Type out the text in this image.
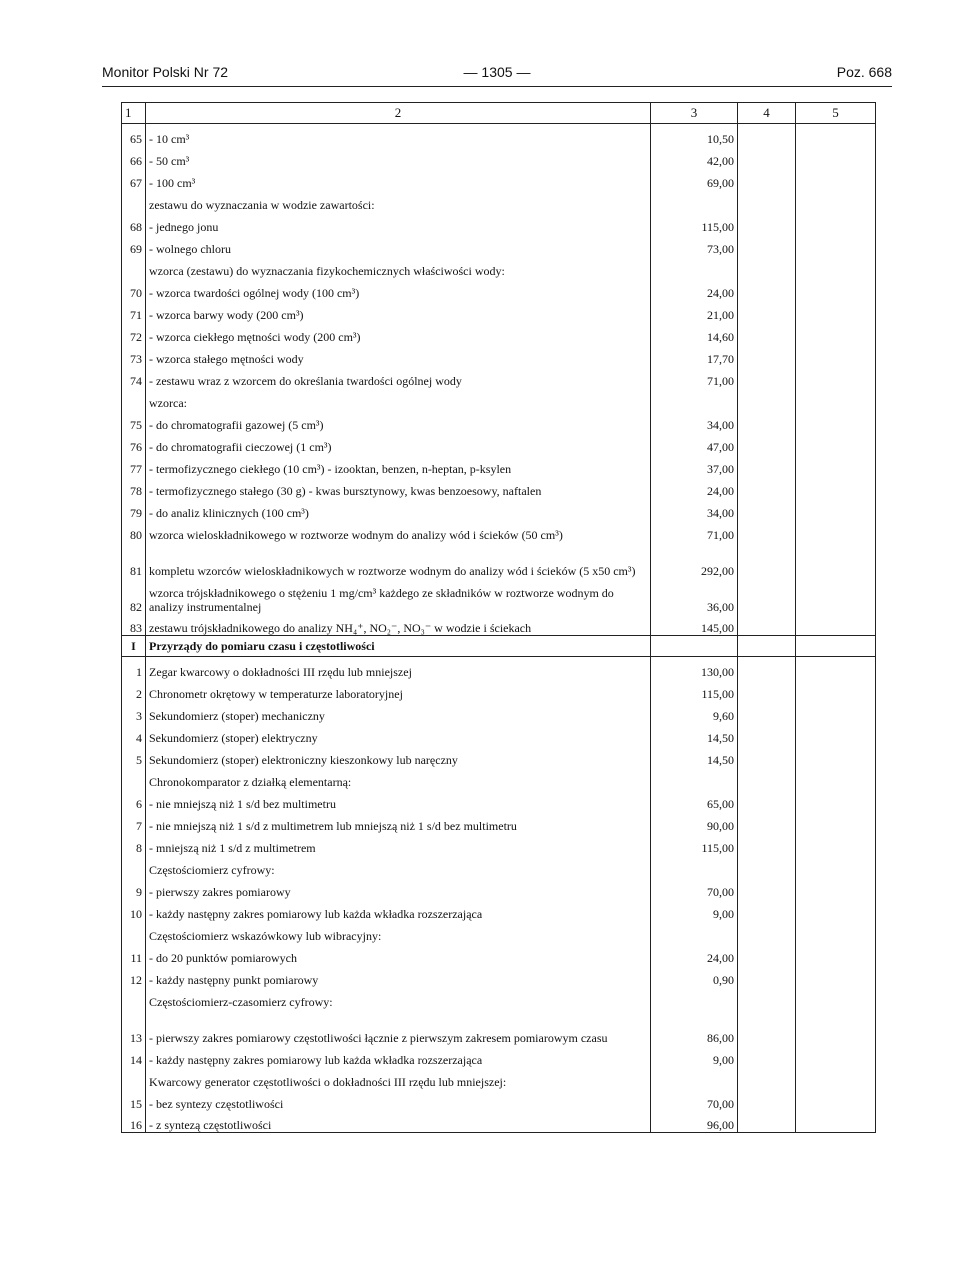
Monitor Polski Nr 72	— 1305 —	Poz. 668
1	2	3	4	5
65	- 10 cm³	10,50		
66	- 50 cm³	42,00		
67	- 100 cm³	69,00		
	zestawu do wyznaczania w wodzie zawartości:			
68	- jednego jonu	115,00		
69	- wolnego chloru	73,00		
	wzorca (zestawu) do wyznaczania fizykochemicznych właściwości wody:			
70	- wzorca twardości ogólnej wody (100 cm³)	24,00		
71	- wzorca barwy wody (200 cm³)	21,00		
72	- wzorca ciekłego mętności wody (200 cm³)	14,60		
73	- wzorca stałego mętności wody	17,70		
74	- zestawu wraz z wzorcem do określania twardości ogólnej wody	71,00		
	wzorca:			
75	- do chromatografii gazowej (5 cm³)	34,00		
76	- do chromatografii cieczowej (1 cm³)	47,00		
77	- termofizycznego ciekłego (10 cm³) - izooktan, benzen, n-heptan, p-ksylen	37,00		
78	- termofizycznego stałego (30 g) - kwas bursztynowy, kwas benzoesowy, naftalen	24,00		
79	- do analiz klinicznych (100 cm³)	34,00		
80	wzorca wieloskładnikowego w roztworze wodnym do analizy wód i ścieków (50 cm³)	71,00		
81	kompletu wzorców wieloskładnikowych w roztworze wodnym do analizy wód i ścieków (5 x50 cm³)	292,00		
82	wzorca trójskładnikowego o stężeniu 1 mg/cm³ każdego ze składników w roztworze wodnym do analizy instrumentalnej	36,00		
83	zestawu trójskładnikowego do analizy NH₄⁺, NO₂⁻, NO₃⁻ w wodzie i ściekach	145,00		
I	Przyrządy do pomiaru czasu i częstotliwości			
1	Zegar kwarcowy o dokładności III rzędu lub mniejszej	130,00		
2	Chronometr okrętowy w temperaturze laboratoryjnej	115,00		
3	Sekundomierz (stoper) mechaniczny	9,60		
4	Sekundomierz (stoper) elektryczny	14,50		
5	Sekundomierz (stoper) elektroniczny kieszonkowy lub naręczny	14,50		
	Chronokomparator z działką elementarną:			
6	- nie mniejszą niż 1 s/d bez multimetru	65,00		
7	- nie mniejszą niż 1 s/d z multimetrem lub mniejszą niż 1 s/d bez multimetru	90,00		
8	- mniejszą niż 1 s/d z multimetrem	115,00		
	Częstościomierz cyfrowy:			
9	- pierwszy zakres pomiarowy	70,00		
10	- każdy następny zakres pomiarowy lub każda wkładka rozszerzająca	9,00		
	Częstościomierz wskazówkowy lub wibracyjny:			
11	- do 20 punktów pomiarowych	24,00		
12	- każdy następny punkt pomiarowy	0,90		
	Częstościomierz-czasomierz cyfrowy:			
13	- pierwszy zakres pomiarowy częstotliwości łącznie z pierwszym zakresem pomiarowym czasu	86,00		
14	- każdy następny zakres pomiarowy lub każda wkładka rozszerzająca	9,00		
	Kwarcowy generator częstotliwości o dokładności III rzędu lub mniejszej:			
15	- bez syntezy częstotliwości	70,00		
16	- z syntezą częstotliwości	96,00		
